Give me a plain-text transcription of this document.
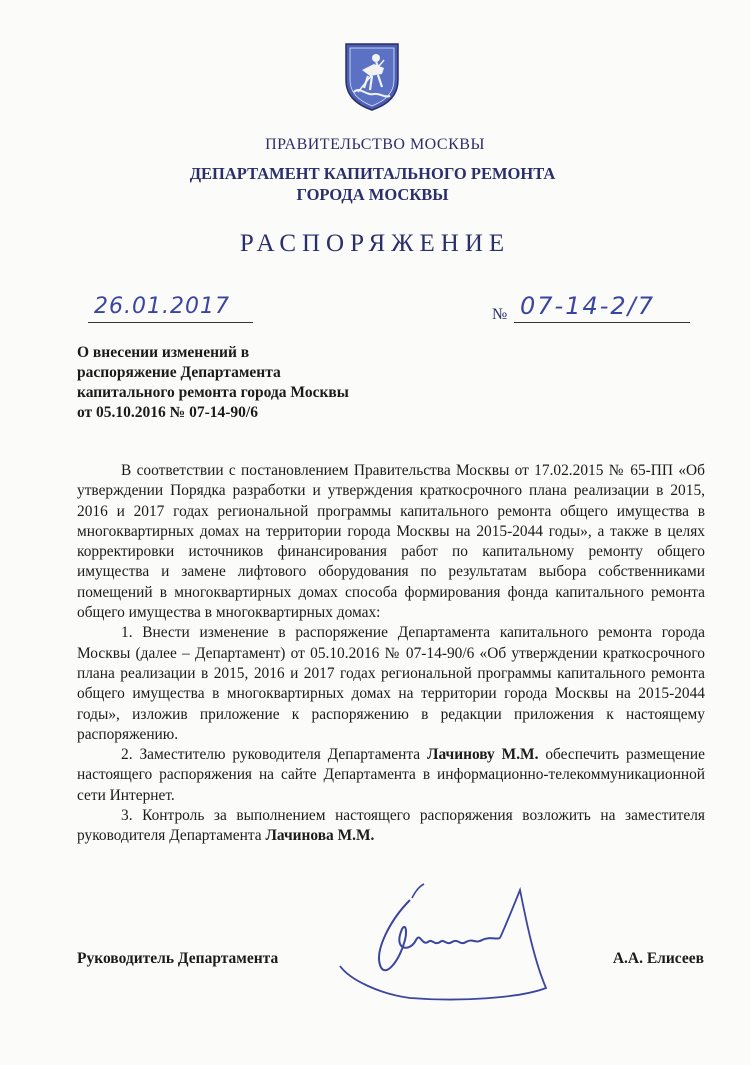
ПРАВИТЕЛЬСТВО МОСКВЫ
ДЕПАРТАМЕНТ КАПИТАЛЬНОГО РЕМОНТА
ГОРОДА МОСКВЫ
РАСПОРЯЖЕНИЕ
26.01.2017	№ 07-14-2/7
О внесении изменений в
распоряжение Департамента
капитального ремонта города Москвы
от 05.10.2016 № 07-14-90/6

В соответствии с постановлением Правительства Москвы от 17.02.2015 № 65-ПП «Об утверждении Порядка разработки и утверждения краткосрочного плана реализации в 2015, 2016 и 2017 годах региональной программы капитального ремонта общего имущества в многоквартирных домах на территории города Москвы на 2015-2044 годы», а также в целях корректировки источников финансирования работ по капитальному ремонту общего имущества и замене лифтового оборудования по результатам выбора собственниками помещений в многоквартирных домах способа формирования фонда капитального ремонта общего имущества в многоквартирных домах:

1. Внести изменение в распоряжение Департамента капитального ремонта города Москвы (далее – Департамент) от 05.10.2016 № 07-14-90/6 «Об утверждении краткосрочного плана реализации в 2015, 2016 и 2017 годах региональной программы капитального ремонта общего имущества в многоквартирных домах на территории города Москвы на 2015-2044 годы», изложив приложение к распоряжению в редакции приложения к настоящему распоряжению.

2. Заместителю руководителя Департамента Лачинову М.М. обеспечить размещение настоящего распоряжения на сайте Департамента в информационно-телекоммуникационной сети Интернет.

3. Контроль за выполнением настоящего распоряжения возложить на заместителя руководителя Департамента Лачинова М.М.

Руководитель Департамента	А.А. Елисеев
